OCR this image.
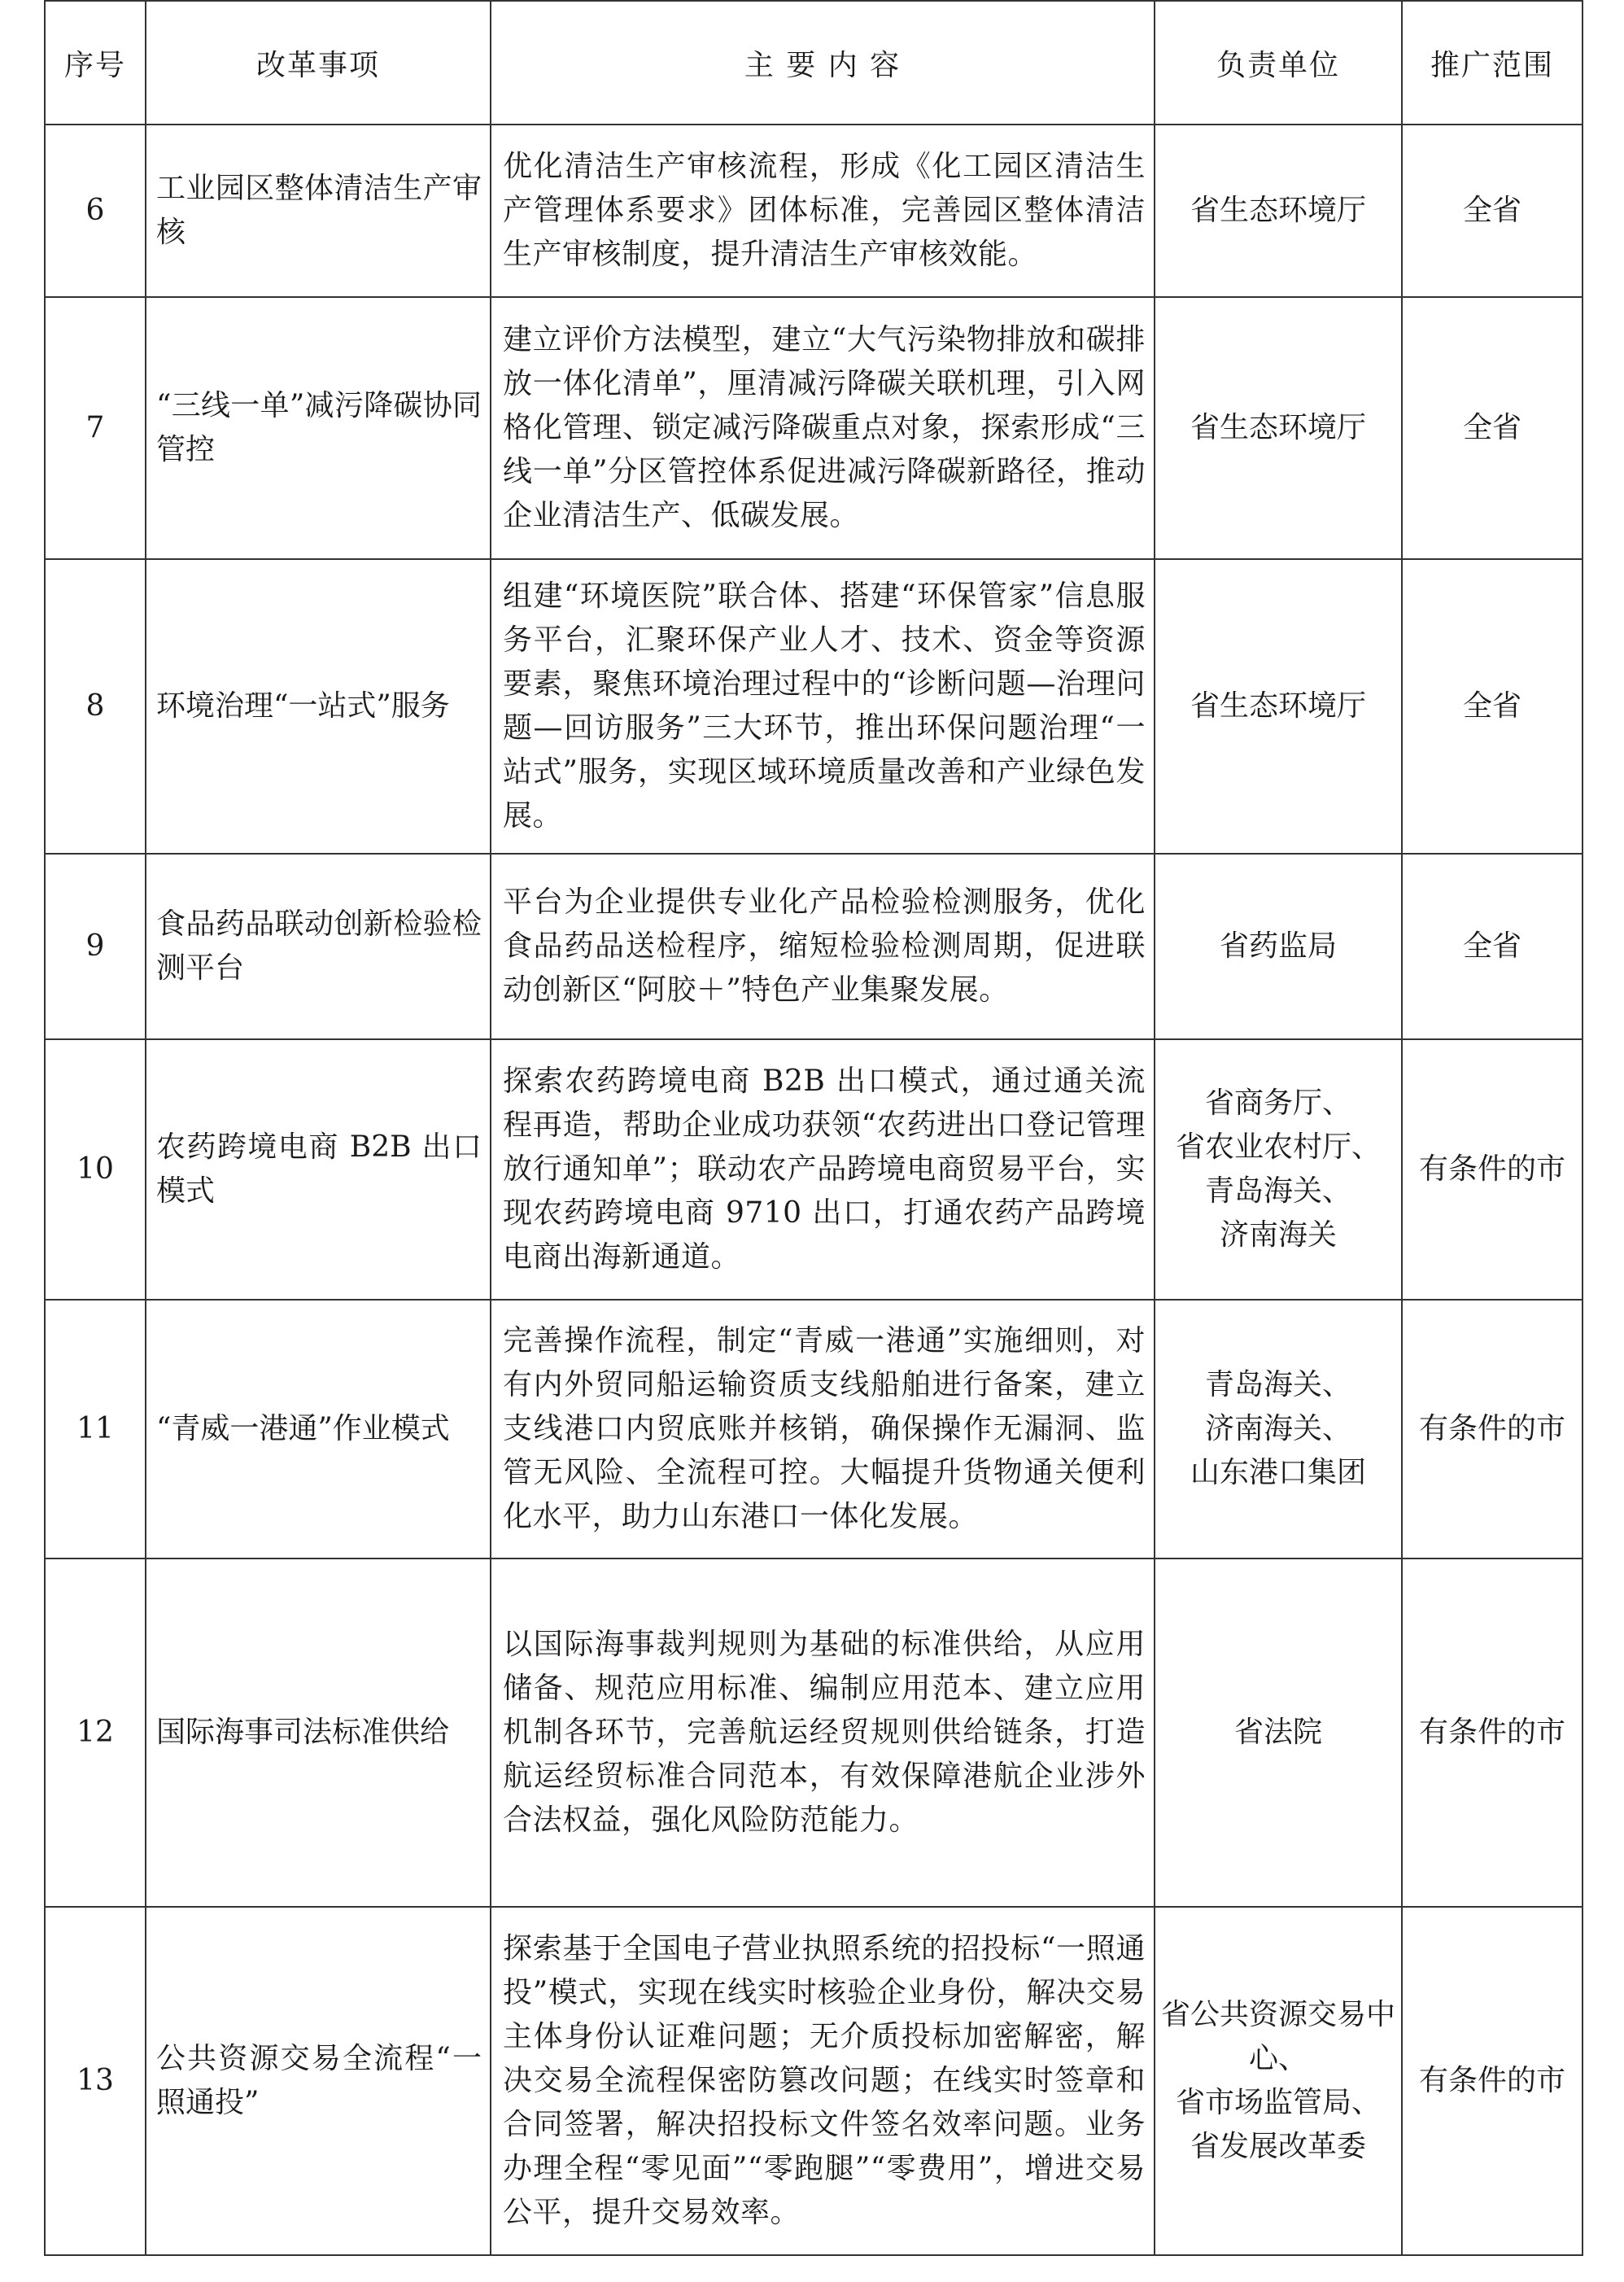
序号	改革事项	主 要 内 容	负责单位	推广范围
6	工业园区整体清洁生产审核	优化清洁生产审核流程，形成《化工园区清洁生产管理体系要求》团体标准，完善园区整体清洁生产审核制度，提升清洁生产审核效能。	省生态环境厅	全省
7	“三线一单”减污降碳协同管控	建立评价方法模型，建立“大气污染物排放和碳排放一体化清单”，厘清减污降碳关联机理，引入网格化管理、锁定减污降碳重点对象，探索形成“三线一单”分区管控体系促进减污降碳新路径，推动企业清洁生产、低碳发展。	省生态环境厅	全省
8	环境治理“一站式”服务	组建“环境医院”联合体、搭建“环保管家”信息服务平台，汇聚环保产业人才、技术、资金等资源要素，聚焦环境治理过程中的“诊断问题—治理问题—回访服务”三大环节，推出环保问题治理“一站式”服务，实现区域环境质量改善和产业绿色发展。	省生态环境厅	全省
9	食品药品联动创新检验检测平台	平台为企业提供专业化产品检验检测服务，优化食品药品送检程序，缩短检验检测周期，促进联动创新区“阿胶＋”特色产业集聚发展。	省药监局	全省
10	农药跨境电商 B2B 出口模式	探索农药跨境电商 B2B 出口模式，通过通关流程再造，帮助企业成功获领“农药进出口登记管理放行通知单”；联动农产品跨境电商贸易平台，实现农药跨境电商 9710 出口，打通农药产品跨境电商出海新通道。	省商务厅、
省农业农村厅、
青岛海关、
济南海关	有条件的市
11	“青威一港通”作业模式	完善操作流程，制定“青威一港通”实施细则，对有内外贸同船运输资质支线船舶进行备案，建立支线港口内贸底账并核销，确保操作无漏洞、监管无风险、全流程可控。大幅提升货物通关便利化水平，助力山东港口一体化发展。	青岛海关、
济南海关、
山东港口集团	有条件的市
12	国际海事司法标准供给	以国际海事裁判规则为基础的标准供给，从应用储备、规范应用标准、编制应用范本、建立应用机制各环节，完善航运经贸规则供给链条，打造航运经贸标准合同范本，有效保障港航企业涉外合法权益，强化风险防范能力。	省法院	有条件的市
13	公共资源交易全流程“一照通投”	探索基于全国电子营业执照系统的招投标“一照通投”模式，实现在线实时核验企业身份，解决交易主体身份认证难问题；无介质投标加密解密，解决交易全流程保密防篡改问题；在线实时签章和合同签署，解决招投标文件签名效率问题。业务办理全程“零见面”“零跑腿”“零费用”，增进交易公平，提升交易效率。	省公共资源交易中心、
省市场监管局、
省发展改革委	有条件的市
